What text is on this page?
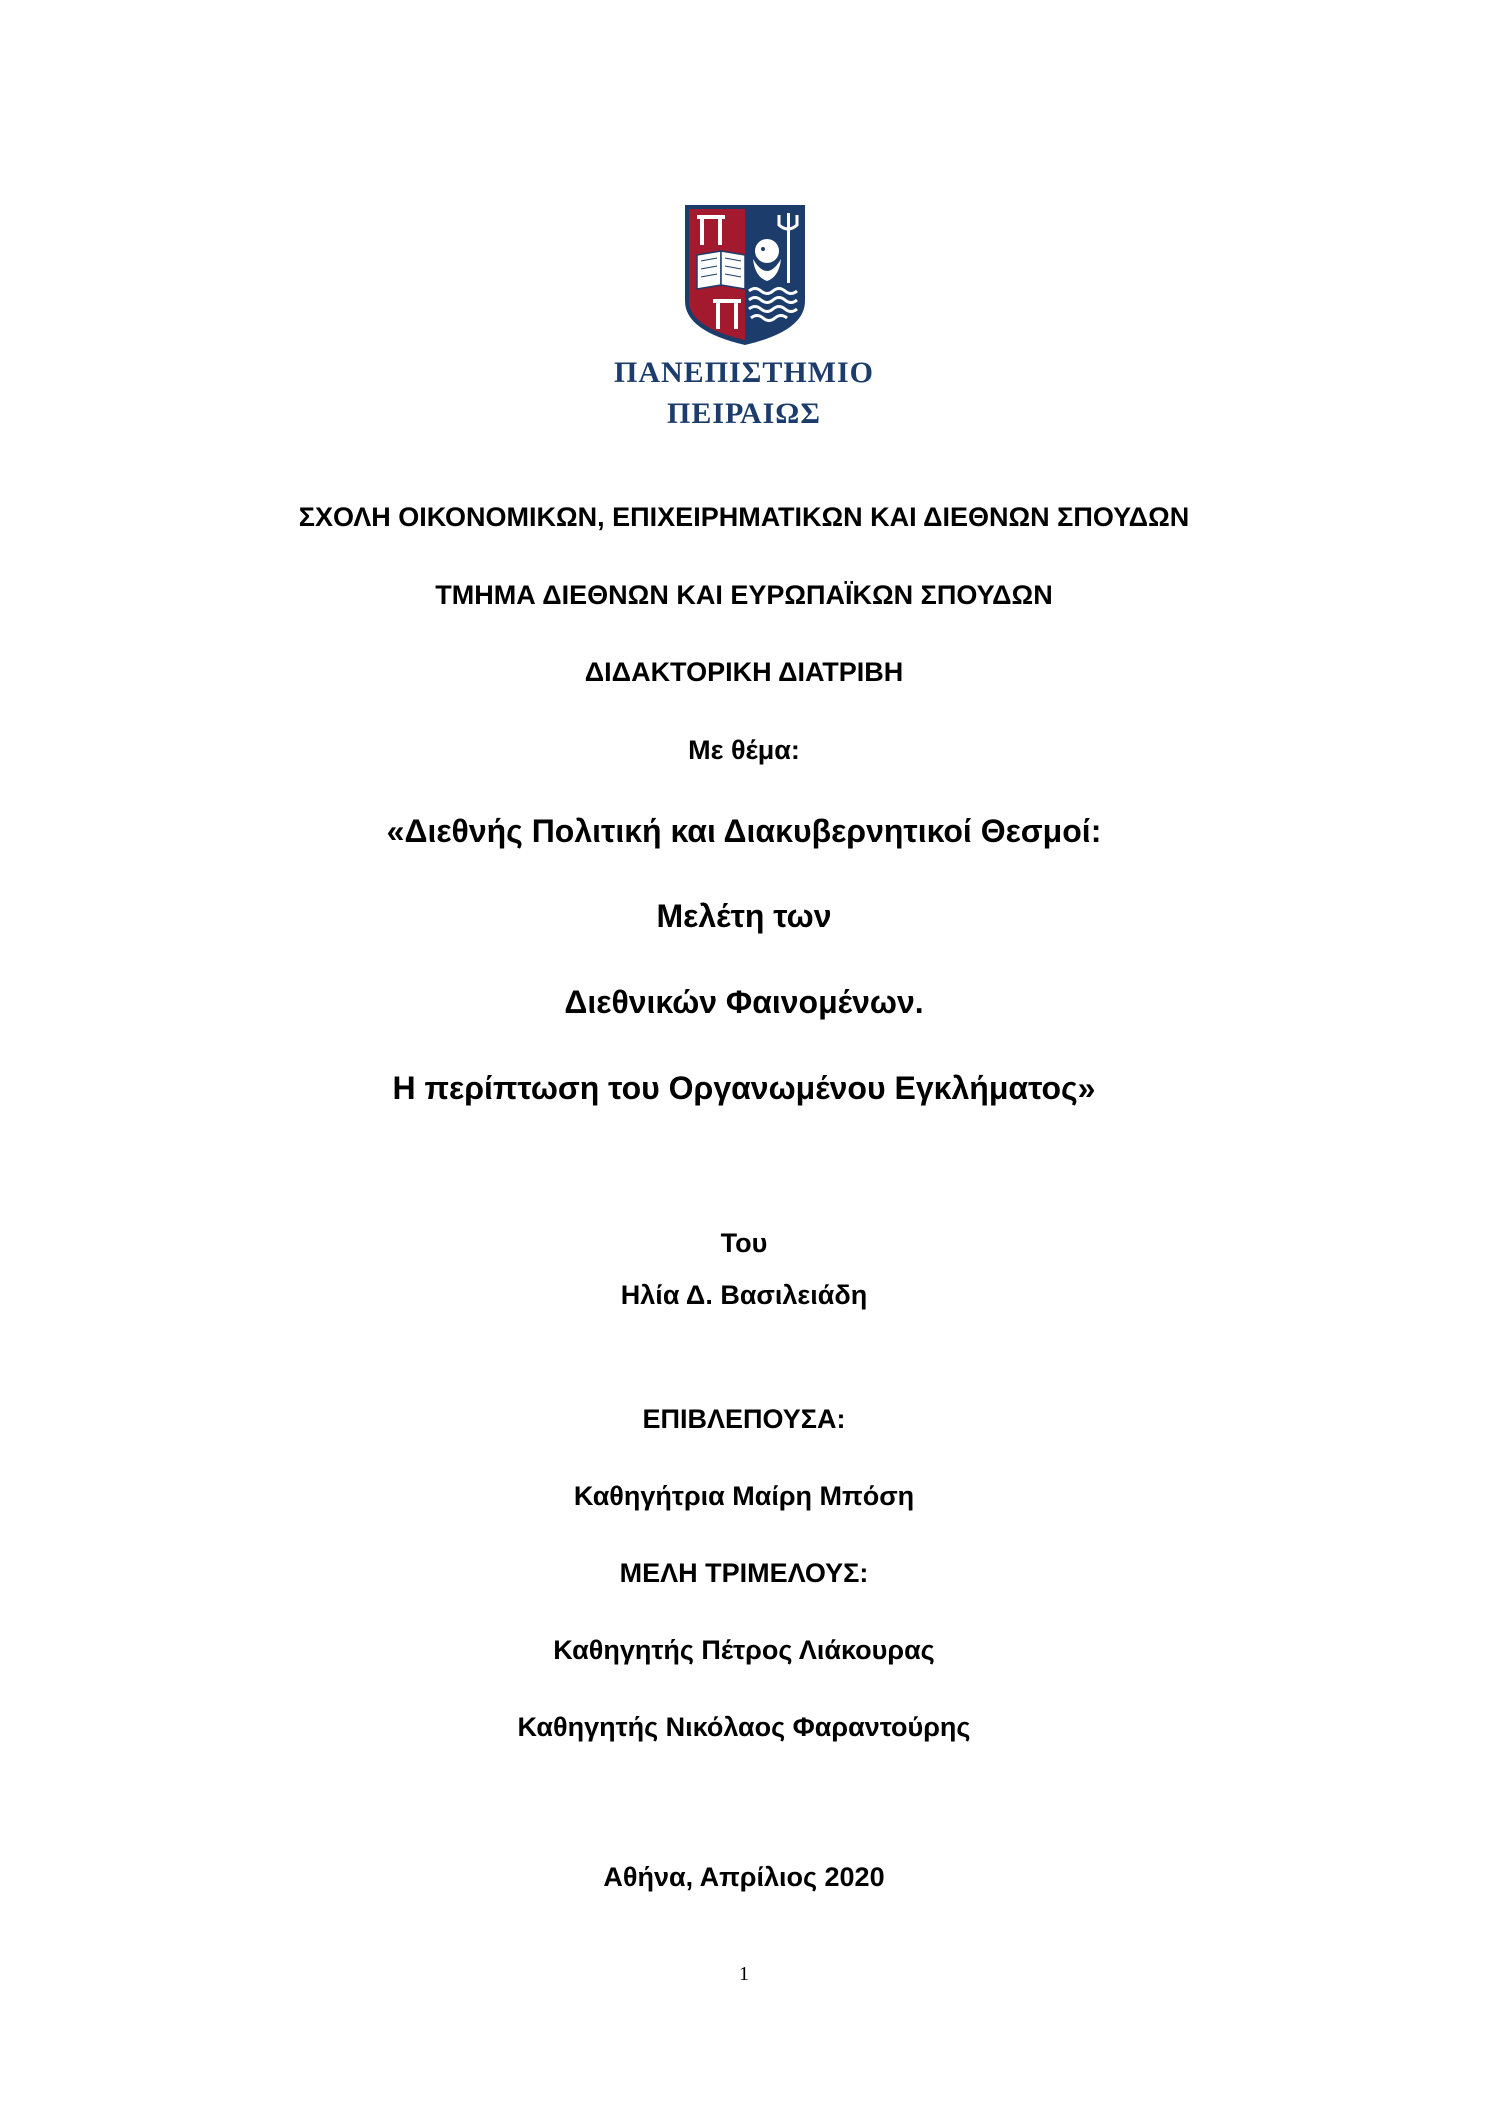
ΠΑΝΕΠΙΣΤΗΜΙΟ
ΠΕΙΡΑΙΩΣ
ΣΧΟΛΗ ΟΙΚΟΝΟΜΙΚΩΝ, ΕΠΙΧΕΙΡΗΜΑΤΙΚΩΝ ΚΑΙ ΔΙΕΘΝΩΝ ΣΠΟΥΔΩΝ
ΤΜΗΜΑ ΔΙΕΘΝΩΝ ΚΑΙ ΕΥΡΩΠΑΪΚΩΝ ΣΠΟΥΔΩΝ
ΔΙΔΑΚΤΟΡΙΚΗ ΔΙΑΤΡΙΒΗ
Με θέμα:
«Διεθνής Πολιτική και Διακυβερνητικοί Θεσμοί:
Μελέτη των
Διεθνικών Φαινομένων.
Η περίπτωση του Οργανωμένου Εγκλήματος»
Του
Ηλία Δ. Βασιλειάδη
ΕΠΙΒΛΕΠΟΥΣΑ:
Καθηγήτρια Μαίρη Μπόση
ΜΕΛΗ ΤΡΙΜΕΛΟΥΣ:
Καθηγητής Πέτρος Λιάκουρας
Καθηγητής Νικόλαος Φαραντούρης
Αθήνα, Απρίλιος 2020
1
